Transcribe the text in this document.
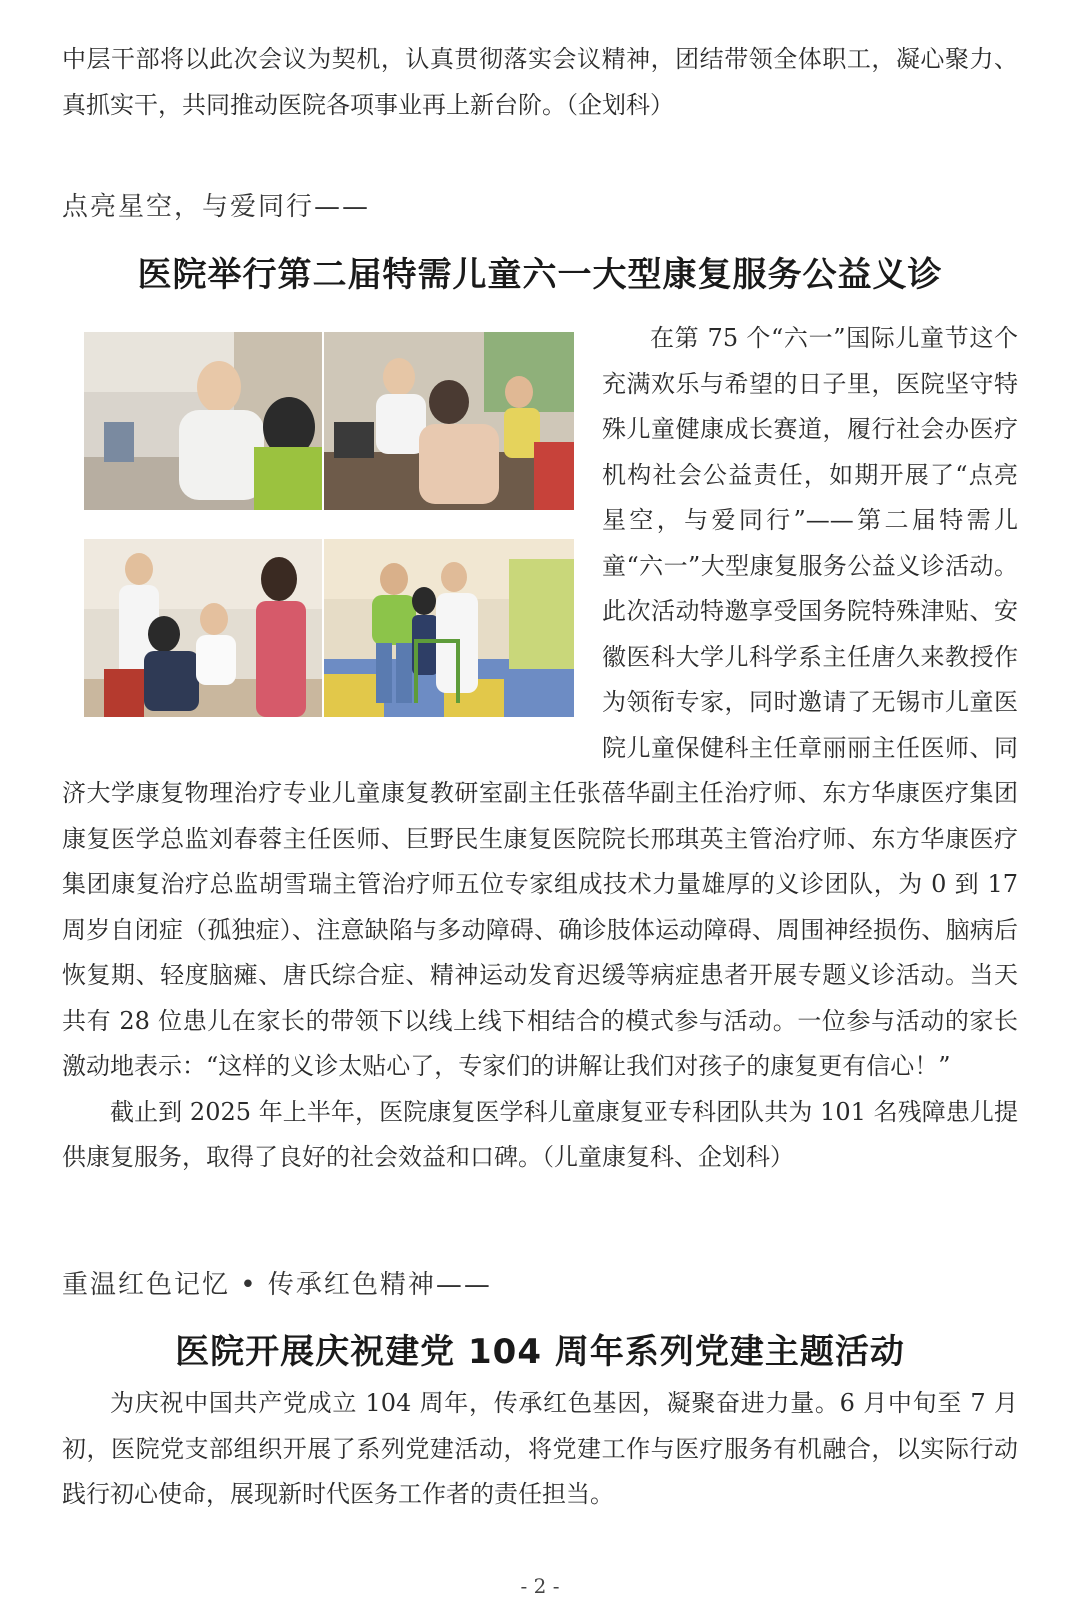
中层干部将以此次会议为契机，认真贯彻落实会议精神，团结带领全体职工，凝心聚力、真抓实干，共同推动医院各项事业再上新台阶。（企划科）

点亮星空，与爱同行——
医院举行第二届特需儿童六一大型康复服务公益义诊

在第 75 个“六一”国际儿童节这个充满欢乐与希望的日子里，医院坚守特殊儿童健康成长赛道，履行社会办医疗机构社会公益责任，如期开展了“点亮星空，与爱同行”——第二届特需儿童“六一”大型康复服务公益义诊活动。此次活动特邀享受国务院特殊津贴、安徽医科大学儿科学系主任唐久来教授作为领衔专家，同时邀请了无锡市儿童医院儿童保健科主任章丽丽主任医师、同济大学康复物理治疗专业儿童康复教研室副主任张蓓华副主任治疗师、东方华康医疗集团康复医学总监刘春蓉主任医师、巨野民生康复医院院长邢琪英主管治疗师、东方华康医疗集团康复治疗总监胡雪瑞主管治疗师五位专家组成技术力量雄厚的义诊团队，为 0 到 17 周岁自闭症（孤独症）、注意缺陷与多动障碍、确诊肢体运动障碍、周围神经损伤、脑病后恢复期、轻度脑瘫、唐氏综合症、精神运动发育迟缓等病症患者开展专题义诊活动。当天共有 28 位患儿在家长的带领下以线上线下相结合的模式参与活动。一位参与活动的家长激动地表示：“这样的义诊太贴心了，专家们的讲解让我们对孩子的康复更有信心！”

截止到 2025 年上半年，医院康复医学科儿童康复亚专科团队共为 101 名残障患儿提供康复服务，取得了良好的社会效益和口碑。（儿童康复科、企划科）

重温红色记忆 • 传承红色精神——
医院开展庆祝建党 104 周年系列党建主题活动

为庆祝中国共产党成立 104 周年，传承红色基因，凝聚奋进力量。6 月中旬至 7 月初，医院党支部组织开展了系列党建活动，将党建工作与医疗服务有机融合，以实际行动践行初心使命，展现新时代医务工作者的责任担当。

- 2 -
